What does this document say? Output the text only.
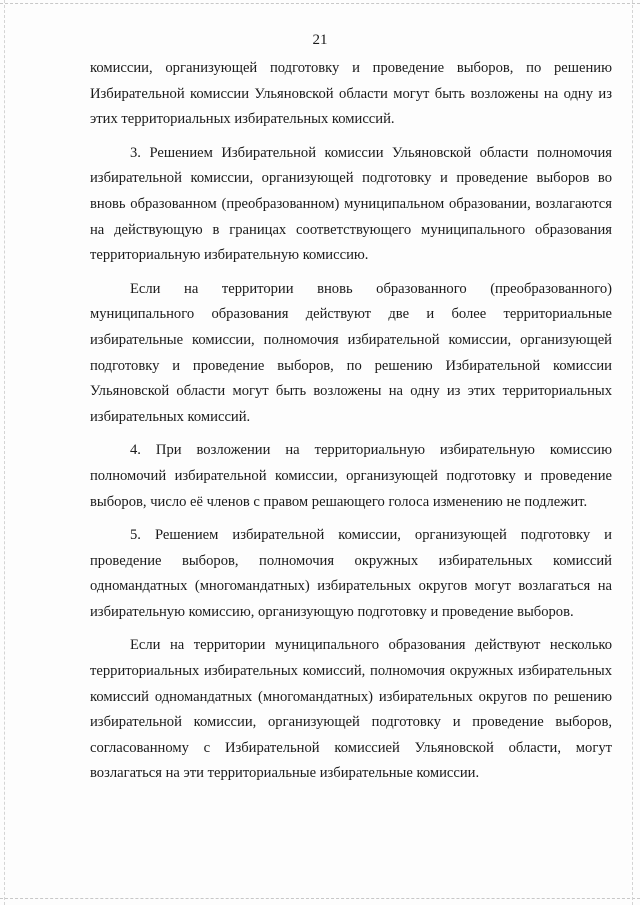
21

комиссии, организующей подготовку и проведение выборов, по решению Избирательной комиссии Ульяновской области могут быть возложены на одну из этих территориальных избирательных комиссий.

3. Решением Избирательной комиссии Ульяновской области полномочия избирательной комиссии, организующей подготовку и проведение выборов во вновь образованном (преобразованном) муниципальном образовании, возлагаются на действующую в границах соответствующего муниципального образования территориальную избирательную комиссию.

Если на территории вновь образованного (преобразованного) муниципального образования действуют две и более территориальные избирательные комиссии, полномочия избирательной комиссии, организующей подготовку и проведение выборов, по решению Избирательной комиссии Ульяновской области могут быть возложены на одну из этих территориальных избирательных комиссий.

4. При возложении на территориальную избирательную комиссию полномочий избирательной комиссии, организующей подготовку и проведение выборов, число её членов с правом решающего голоса изменению не подлежит.

5. Решением избирательной комиссии, организующей подготовку и проведение выборов, полномочия окружных избирательных комиссий одномандатных (многомандатных) избирательных округов могут возлагаться на избирательную комиссию, организующую подготовку и проведение выборов.

Если на территории муниципального образования действуют несколько территориальных избирательных комиссий, полномочия окружных избирательных комиссий одномандатных (многомандатных) избирательных округов по решению избирательной комиссии, организующей подготовку и проведение выборов, согласованному с Избирательной комиссией Ульяновской области, могут возлагаться на эти территориальные избирательные комиссии.
